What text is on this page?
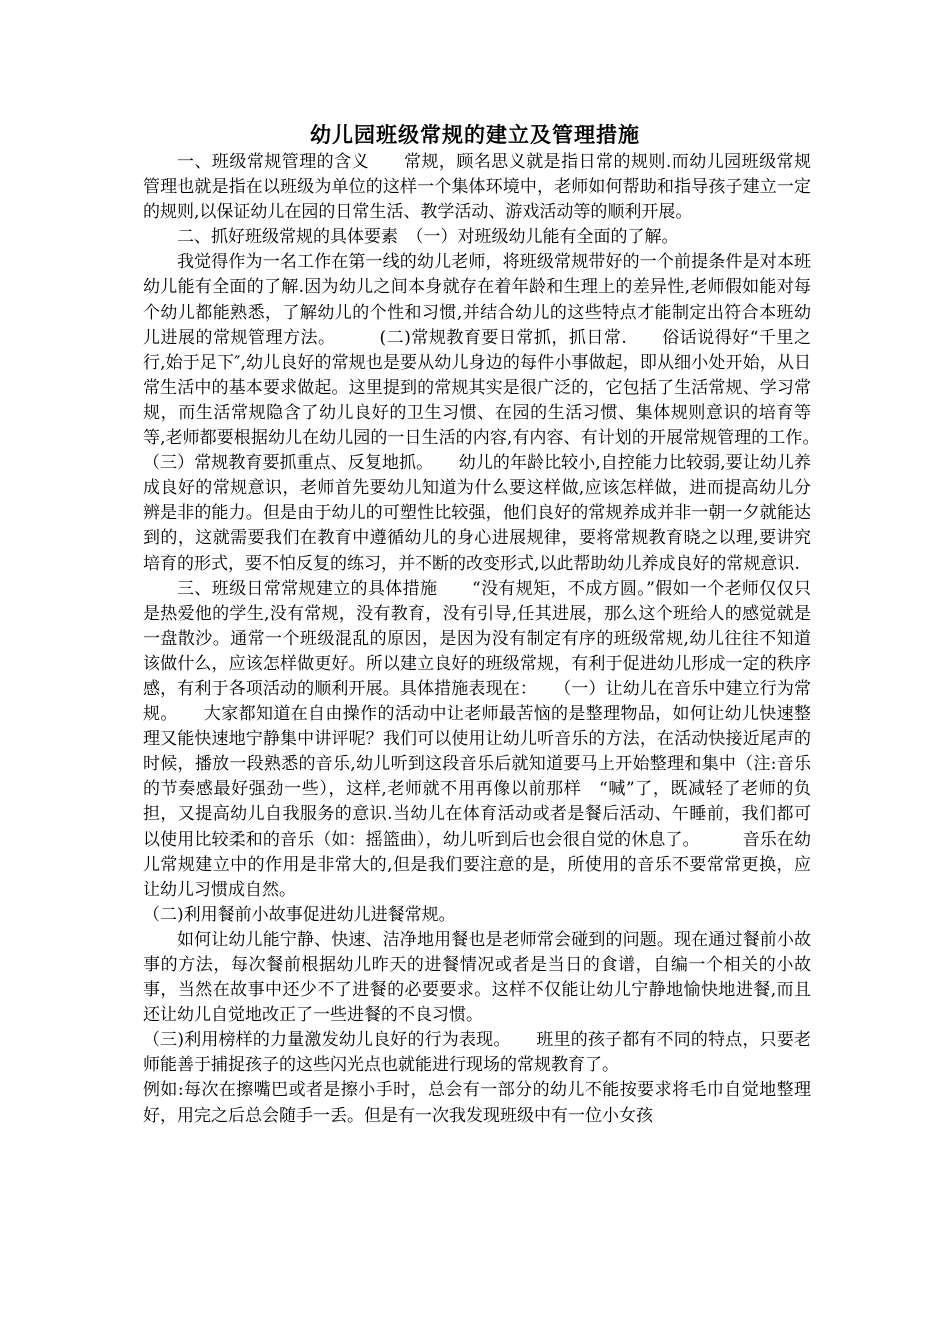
幼儿园班级常规的建立及管理措施

一、班级常规管理的含义　　常规，顾名思义就是指日常的规则.而幼儿园班级常规管理也就是指在以班级为单位的这样一个集体环境中，老师如何帮助和指导孩子建立一定的规则,以保证幼儿在园的日常生活、教学活动、游戏活动等的顺利开展。

二、抓好班级常规的具体要素　（一）对班级幼儿能有全面的了解。

我觉得作为一名工作在第一线的幼儿老师，将班级常规带好的一个前提条件是对本班幼儿能有全面的了解.因为幼儿之间本身就存在着年龄和生理上的差异性,老师假如能对每个幼儿都能熟悉，了解幼儿的个性和习惯,并结合幼儿的这些特点才能制定出符合本班幼儿进展的常规管理方法。　　　(二)常规教育要日常抓，抓日常.　　俗话说得好“千里之行,始于足下″,幼儿良好的常规也是要从幼儿身边的每件小事做起，即从细小处开始，从日常生活中的基本要求做起。这里提到的常规其实是很广泛的，它包括了生活常规、学习常规，而生活常规隐含了幼儿良好的卫生习惯、在园的生活习惯、集体规则意识的培育等等,老师都要根据幼儿在幼儿园的一日生活的内容,有内容、有计划的开展常规管理的工作。　　（三）常规教育要抓重点、反复地抓。　　幼儿的年龄比较小,自控能力比较弱,要让幼儿养成良好的常规意识，老师首先要幼儿知道为什么要这样做,应该怎样做，进而提高幼儿分辨是非的能力。但是由于幼儿的可塑性比较强，他们良好的常规养成并非一朝一夕就能达到的，这就需要我们在教育中遵循幼儿的身心进展规律，要将常规教育晓之以理,要讲究培育的形式，要不怕反复的练习，并不断的改变形式,以此帮助幼儿养成良好的常规意识.

三、班级日常常规建立的具体措施　　“没有规矩，不成方圆。”假如一个老师仅仅只是热爱他的学生,没有常规，没有教育，没有引导,任其进展，那么这个班给人的感觉就是一盘散沙。通常一个班级混乱的原因，是因为没有制定有序的班级常规,幼儿往往不知道该做什么，应该怎样做更好。所以建立良好的班级常规，有利于促进幼儿形成一定的秩序感，有利于各项活动的顺利开展。具体措施表现在：　　（一）让幼儿在音乐中建立行为常规。　　大家都知道在自由操作的活动中让老师最苦恼的是整理物品，如何让幼儿快速整理又能快速地宁静集中讲评呢？我们可以使用让幼儿听音乐的方法，在活动快接近尾声的时候，播放一段熟悉的音乐,幼儿听到这段音乐后就知道要马上开始整理和集中（注:音乐的节奏感最好强劲一些），这样,老师就不用再像以前那样　“喊”了，既减轻了老师的负担，又提高幼儿自我服务的意识.当幼儿在体育活动或者是餐后活动、午睡前，我们都可以使用比较柔和的音乐（如：摇篮曲），幼儿听到后也会很自觉的休息了。　　　音乐在幼儿常规建立中的作用是非常大的,但是我们要注意的是，所使用的音乐不要常常更换，应让幼儿习惯成自然。

（二)利用餐前小故事促进幼儿进餐常规。

如何让幼儿能宁静、快速、洁净地用餐也是老师常会碰到的问题。现在通过餐前小故事的方法，每次餐前根据幼儿昨天的进餐情况或者是当日的食谱，自编一个相关的小故事，当然在故事中还少不了进餐的必要要求。这样不仅能让幼儿宁静地愉快地进餐,而且还让幼儿自觉地改正了一些进餐的不良习惯。

（三)利用榜样的力量激发幼儿良好的行为表现。　　班里的孩子都有不同的特点，只要老师能善于捕捉孩子的这些闪光点也就能进行现场的常规教育了。

例如:每次在擦嘴巴或者是擦小手时，总会有一部分的幼儿不能按要求将毛巾自觉地整理好，用完之后总会随手一丢。但是有一次我发现班级中有一位小女孩
